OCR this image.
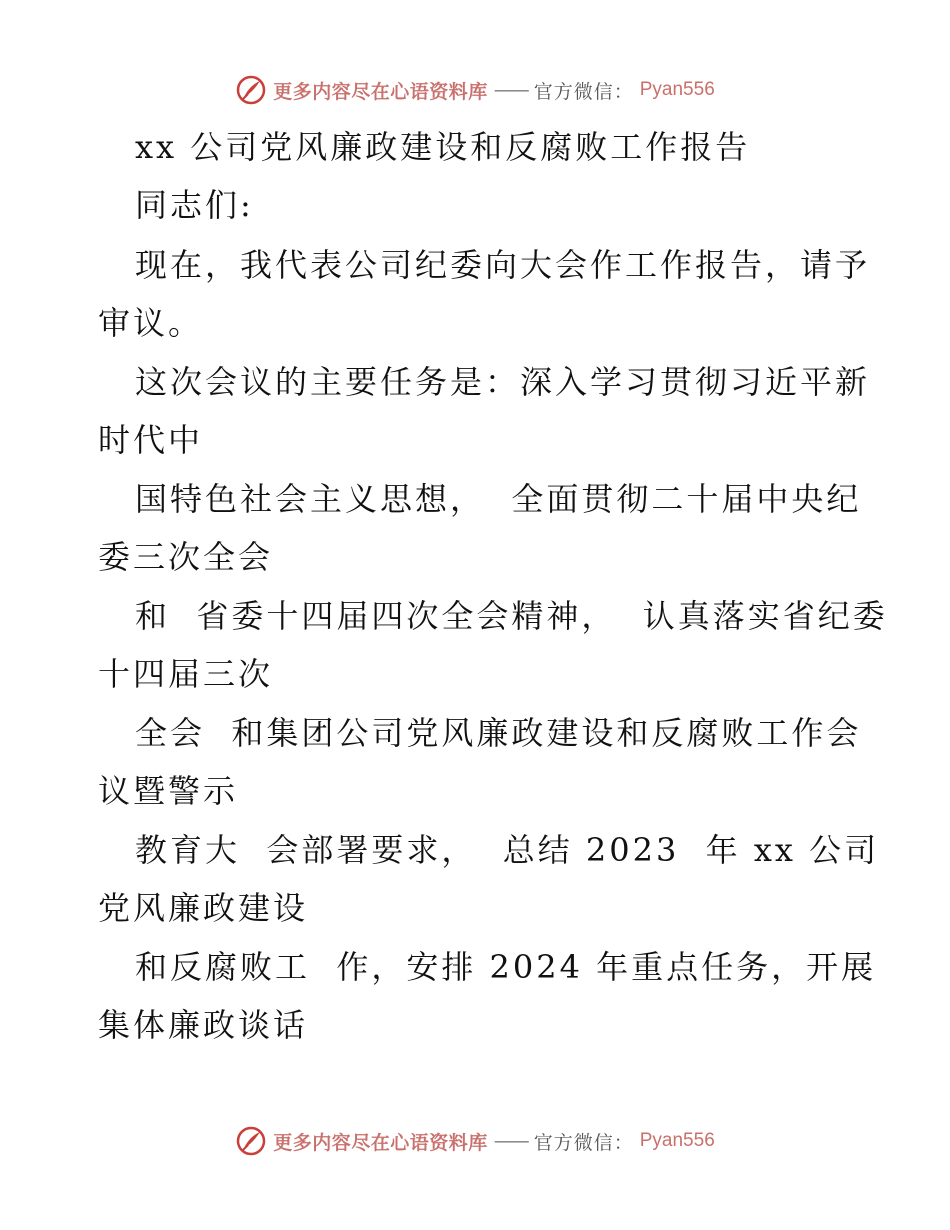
更多内容尽在心语资料库 —— 官方微信： Pyan556
xx 公司党风廉政建设和反腐败工作报告
同志们:
现在，我代表公司纪委向大会作工作报告，请予
审议。
这次会议的主要任务是：深入学习贯彻习近平新
时代中
国特色社会主义思想，  全面贯彻二十届中央纪
委三次全会
和  省委十四届四次全会精神，  认真落实省纪委
十四届三次
全会  和集团公司党风廉政建设和反腐败工作会
议暨警示
教育大  会部署要求，  总结 2023  年 xx 公司
党风廉政建设
和反腐败工  作，安排 2024 年重点任务，开展
集体廉政谈话
更多内容尽在心语资料库 —— 官方微信： Pyan556
